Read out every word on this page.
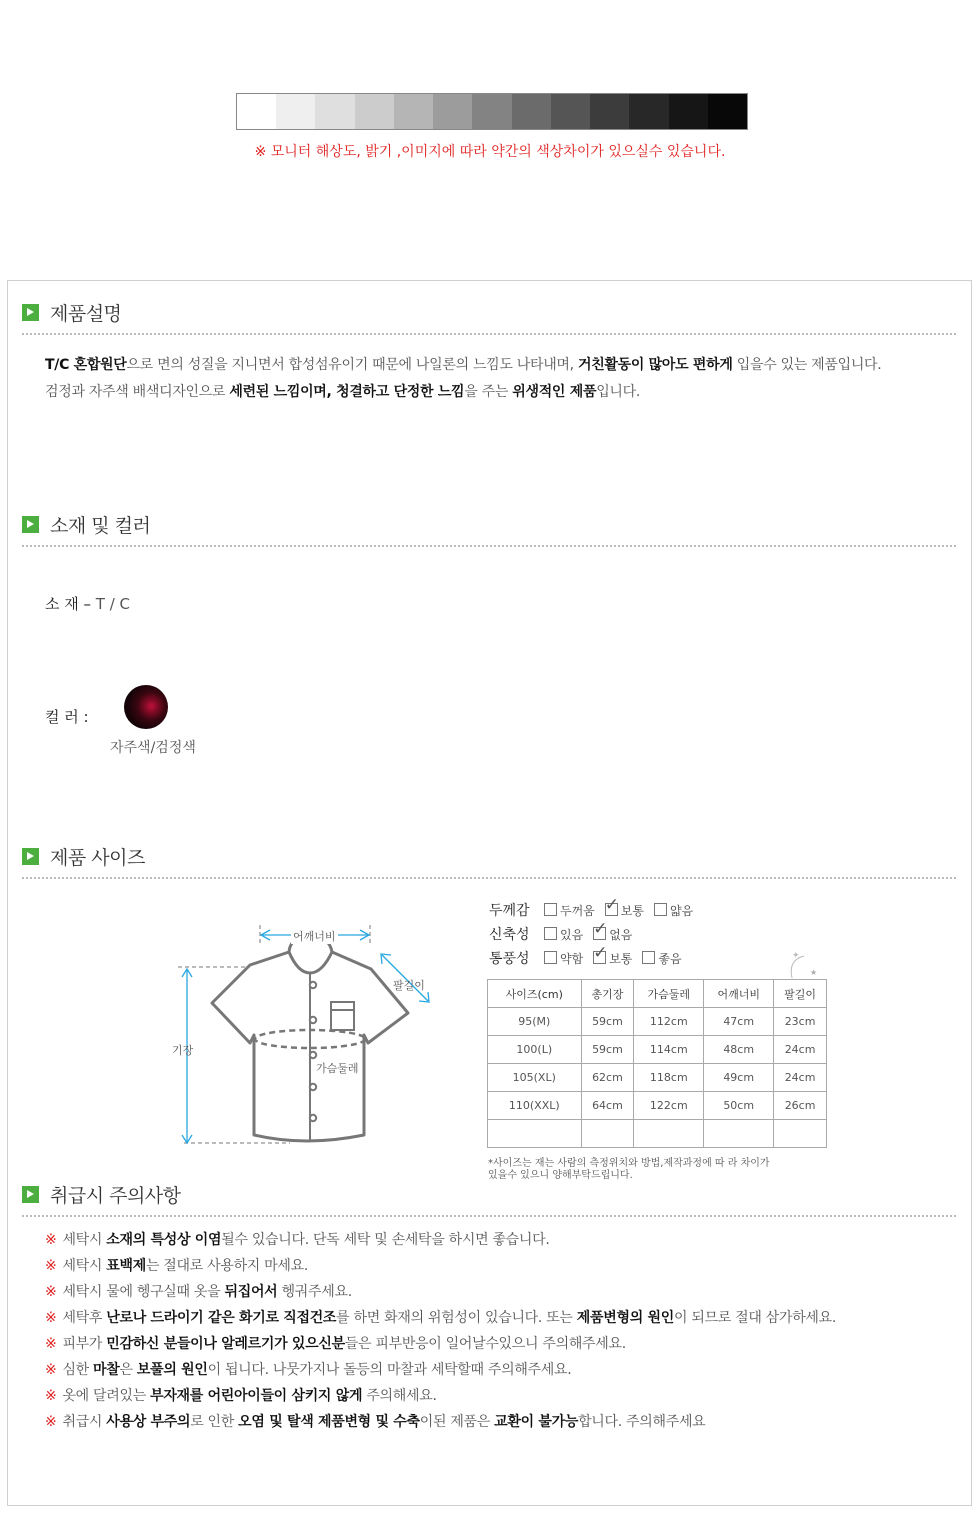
※ 모니터 해상도, 밝기 ,이미지에 따라 약간의 색상차이가 있으실수 있습니다.
제품설명
T/C 혼합원단으로 면의 성질을 지니면서 합성섬유이기 때문에 나일론의 느낌도 나타내며, 거친활동이 많아도 편하게 입을수 있는 제품입니다.
검정과 자주색 배색디자인으로 세련된 느낌이며, 청결하고 단정한 느낌을 주는 위생적인 제품입니다.
소재 및 컬러
소 재 – T / C
컬 러 :
자주색/검정색
제품 사이즈
어깨너비
팔길이
기장
가슴둘레
두께감	두꺼움 ✓ 보통 얇음
신축성	있음 ✓ 없음
통풍성	약함 ✓ 보통 좋음	✦
★
사이즈(cm)	총기장	가슴둘레	어깨너비	팔길이
95(M)	59cm	112cm	47cm	23cm
100(L)	59cm	114cm	48cm	24cm
105(XL)	62cm	118cm	49cm	24cm
110(XXL)	64cm	122cm	50cm	26cm

*사이즈는 재는 사람의 측정위치와 방법,제작과정에 따 라 차이가
있을수 있으니 양해부탁드립니다.
취급시 주의사항
※ 세탁시 소재의 특성상 이염될수 있습니다. 단독 세탁 및 손세탁을 하시면 좋습니다.
※ 세탁시 표백제는 절대로 사용하지 마세요.
※ 세탁시 물에 헹구실때 옷을 뒤집어서 헹궈주세요.
※ 세탁후 난로나 드라이기 같은 화기로 직접건조를 하면 화재의 위험성이 있습니다. 또는 제품변형의 원인이 되므로 절대 삼가하세요.
※ 피부가 민감하신 분들이나 알레르기가 있으신분들은 피부반응이 일어날수있으니 주의해주세요.
※ 심한 마찰은 보풀의 원인이 됩니다. 나뭇가지나 돌등의 마찰과 세탁할때 주의해주세요.
※ 옷에 달려있는 부자재를 어린아이들이 삼키지 않게 주의해세요.
※ 취급시 사용상 부주의로 인한 오염 및 탈색 제품변형 및 수축이된 제품은 교환이 불가능합니다. 주의해주세요
